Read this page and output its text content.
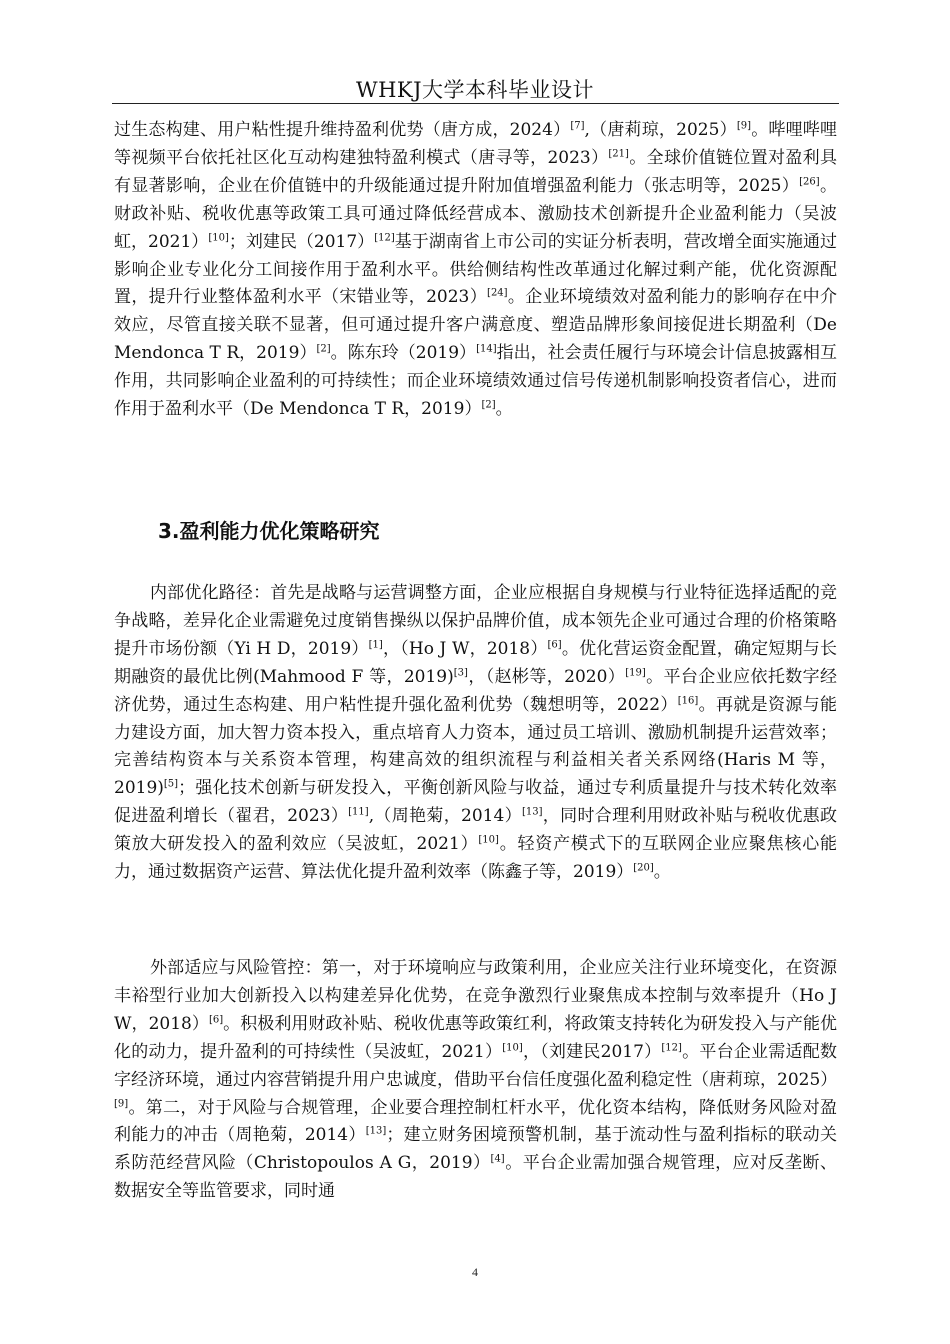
WHKJ大学本科毕业设计

过生态构建、用户粘性提升维持盈利优势（唐方成，2024）[7],（唐莉琼，2025）[9]。哔哩哔哩等视频平台依托社区化互动构建独特盈利模式（唐寻等，2023）[21]。全球价值链位置对盈利具有显著影响，企业在价值链中的升级能通过提升附加值增强盈利能力（张志明等，2025）[26]。财政补贴、税收优惠等政策工具可通过降低经营成本、激励技术创新提升企业盈利能力（吴波虹，2021）[10]；刘建民（2017）[12]基于湖南省上市公司的实证分析表明，营改增全面实施通过影响企业专业化分工间接作用于盈利水平。供给侧结构性改革通过化解过剩产能，优化资源配置，提升行业整体盈利水平（宋错业等，2023）[24]。企业环境绩效对盈利能力的影响存在中介效应，尽管直接关联不显著，但可通过提升客户满意度、塑造品牌形象间接促进长期盈利（De Mendonca T R，2019）[2]。陈东玲（2019）[14]指出，社会责任履行与环境会计信息披露相互作用，共同影响企业盈利的可持续性；而企业环境绩效通过信号传递机制影响投资者信心，进而作用于盈利水平（De Mendonca T R，2019）[2]。

3.盈利能力优化策略研究

内部优化路径：首先是战略与运营调整方面，企业应根据自身规模与行业特征选择适配的竞争战略，差异化企业需避免过度销售操纵以保护品牌价值，成本领先企业可通过合理的价格策略提升市场份额（Yi H D，2019）[1]，（Ho J W，2018）[6]。优化营运资金配置，确定短期与长期融资的最优比例(Mahmood F 等，2019)[3]，（赵彬等，2020）[19]。平台企业应依托数字经济优势，通过生态构建、用户粘性提升强化盈利优势（魏想明等，2022）[16]。再就是资源与能力建设方面，加大智力资本投入，重点培育人力资本，通过员工培训、激励机制提升运营效率；完善结构资本与关系资本管理，构建高效的组织流程与利益相关者关系网络(Haris M 等，2019)[5]；强化技术创新与研发投入，平衡创新风险与收益，通过专利质量提升与技术转化效率促进盈利增长（翟君，2023）[11],（周艳菊，2014）[13]，同时合理利用财政补贴与税收优惠政策放大研发投入的盈利效应（吴波虹，2021）[10]。轻资产模式下的互联网企业应聚焦核心能力，通过数据资产运营、算法优化提升盈利效率（陈鑫子等，2019）[20]。

外部适应与风险管控：第一，对于环境响应与政策利用，企业应关注行业环境变化，在资源丰裕型行业加大创新投入以构建差异化优势，在竞争激烈行业聚焦成本控制与效率提升（Ho J W，2018）[6]。积极利用财政补贴、税收优惠等政策红利，将政策支持转化为研发投入与产能优化的动力，提升盈利的可持续性（吴波虹，2021）[10]，（刘建民2017）[12]。平台企业需适配数字经济环境，通过内容营销提升用户忠诚度，借助平台信任度强化盈利稳定性（唐莉琼，2025）[9]。第二，对于风险与合规管理，企业要合理控制杠杆水平，优化资本结构，降低财务风险对盈利能力的冲击（周艳菊，2014）[13]；建立财务困境预警机制，基于流动性与盈利指标的联动关系防范经营风险（Christopoulos A G，2019）[4]。平台企业需加强合规管理，应对反垄断、数据安全等监管要求，同时通

4
